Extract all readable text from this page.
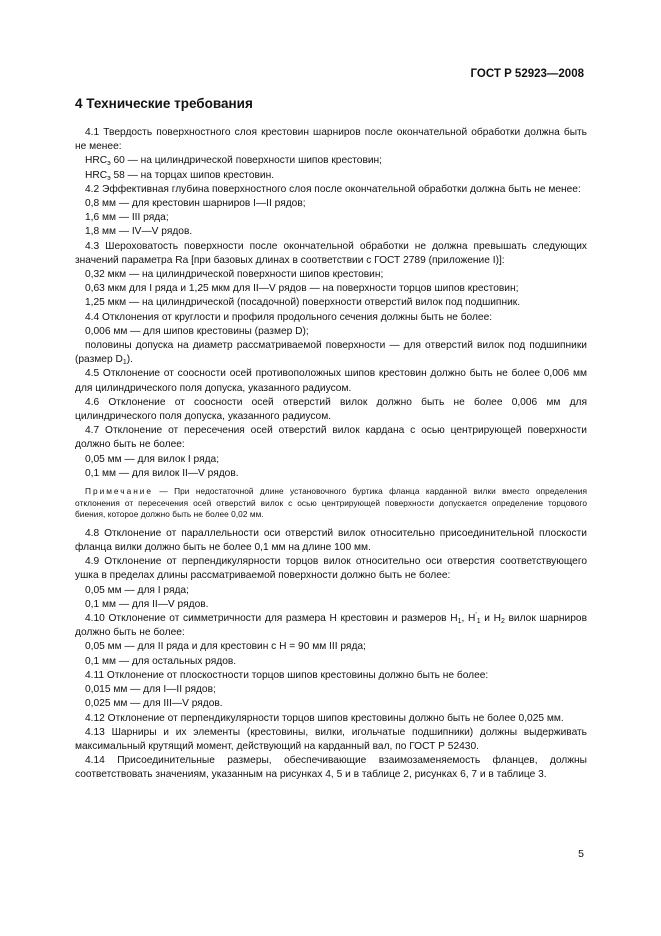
ГОСТ Р 52923—2008
4 Технические требования

4.1 Твердость поверхностного слоя крестовин шарниров после окончательной обработки должна быть не менее:

$HRC_э$ 60 — на цилиндрической поверхности шипов крестовин;

$HRC_э$ 58 — на торцах шипов крестовин.

4.2 Эффективная глубина поверхностного слоя после окончательной обработки должна быть не менее:

0,8 мм — для крестовин шарниров I—II рядов;

1,6 мм — III ряда;

1,8 мм — IV—V рядов.

4.3 Шероховатость поверхности после окончательной обработки не должна превышать следующих значений параметра Ra [при базовых длинах в соответствии с ГОСТ 2789 (приложение I)]:

0,32 мкм — на цилиндрической поверхности шипов крестовин;

0,63 мкм для I ряда и 1,25 мкм для II—V рядов — на поверхности торцов шипов крестовин;

1,25 мкм — на цилиндрической (посадочной) поверхности отверстий вилок под подшипник.

4.4 Отклонения от круглости и профиля продольного сечения должны быть не более:

0,006 мм — для шипов крестовины (размер D);

половины допуска на диаметр рассматриваемой поверхности — для отверстий вилок под подшипники (размер $D_1$).

4.5 Отклонение от соосности осей противоположных шипов крестовин должно быть не более 0,006 мм для цилиндрического поля допуска, указанного радиусом.

4.6 Отклонение от соосности осей отверстий вилок должно быть не более 0,006 мм для цилиндрического поля допуска, указанного радиусом.

4.7 Отклонение от пересечения осей отверстий вилок кардана с осью центрирующей поверхности должно быть не более:

0,05 мм — для вилок I ряда;

0,1 мм — для вилок II—V рядов.

Примечание — При недостаточной длине установочного буртика фланца карданной вилки вместо определения отклонения от пересечения осей отверстий вилок с осью центрирующей поверхности допускается определение торцового биения, которое должно быть не более 0,02 мм.

4.8 Отклонение от параллельности оси отверстий вилок относительно присоединительной плоскости фланца вилки должно быть не более 0,1 мм на длине 100 мм.

4.9 Отклонение от перпендикулярности торцов вилок относительно оси отверстия соответствующего ушка в пределах длины рассматриваемой поверхности должно быть не более:

0,05 мм — для I ряда;

0,1 мм — для II—V рядов.

4.10 Отклонение от симметричности для размера H крестовин и размеров $H_1$, $H'_1$ и $H_2$ вилок шарниров должно быть не более:

0,05 мм — для II ряда и для крестовин с H = 90 мм III ряда;

0,1 мм — для остальных рядов.

4.11 Отклонение от плоскостности торцов шипов крестовины должно быть не более:

0,015 мм — для I—II рядов;

0,025 мм — для III—V рядов.

4.12 Отклонение от перпендикулярности торцов шипов крестовины должно быть не более 0,025 мм.

4.13 Шарниры и их элементы (крестовины, вилки, игольчатые подшипники) должны выдерживать максимальный крутящий момент, действующий на карданный вал, по ГОСТ Р 52430.

4.14 Присоединительные размеры, обеспечивающие взаимозаменяемость фланцев, должны соответствовать значениям, указанным на рисунках 4, 5 и в таблице 2, рисунках 6, 7 и в таблице 3.

5
